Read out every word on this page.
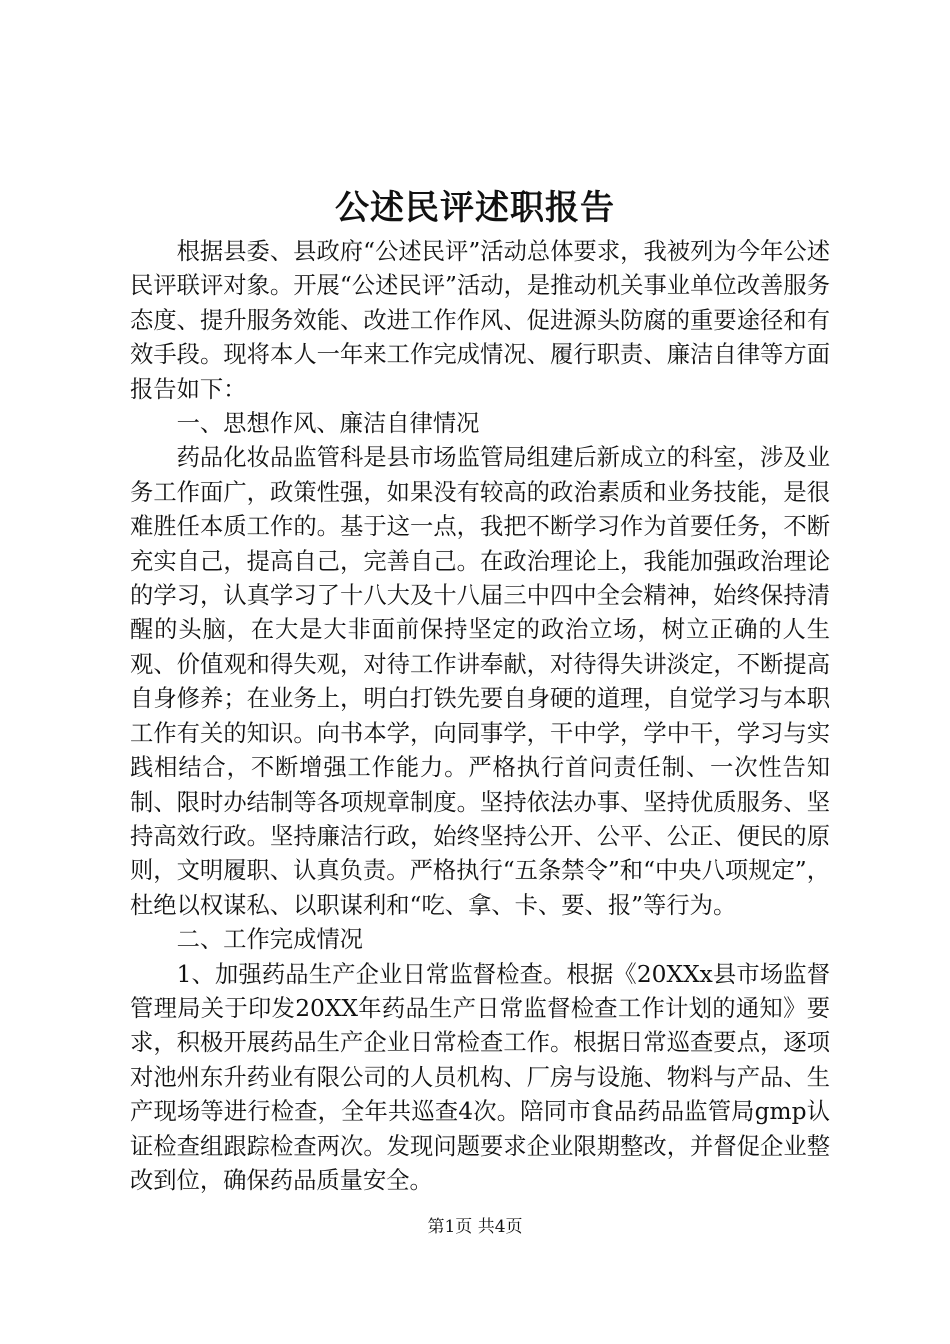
公述民评述职报告

根据县委、县政府“公述民评”活动总体要求，我被列为今年公述民评联评对象。开展“公述民评”活动，是推动机关事业单位改善服务态度、提升服务效能、改进工作作风、促进源头防腐的重要途径和有效手段。现将本人一年来工作完成情况、履行职责、廉洁自律等方面报告如下：

一、思想作风、廉洁自律情况

药品化妆品监管科是县市场监管局组建后新成立的科室，涉及业务工作面广，政策性强，如果没有较高的政治素质和业务技能，是很难胜任本质工作的。基于这一点，我把不断学习作为首要任务，不断充实自己，提高自己，完善自己。在政治理论上，我能加强政治理论的学习，认真学习了十八大及十八届三中四中全会精神，始终保持清醒的头脑，在大是大非面前保持坚定的政治立场，树立正确的人生观、价值观和得失观，对待工作讲奉献，对待得失讲淡定，不断提高自身修养；在业务上，明白打铁先要自身硬的道理，自觉学习与本职工作有关的知识。向书本学，向同事学，干中学，学中干，学习与实践相结合，不断增强工作能力。严格执行首问责任制、一次性告知制、限时办结制等各项规章制度。坚持依法办事、坚持优质服务、坚持高效行政。坚持廉洁行政，始终坚持公开、公平、公正、便民的原则，文明履职、认真负责。严格执行“五条禁令”和“中央八项规定”，杜绝以权谋私、以职谋利和“吃、拿、卡、要、报”等行为。

二、工作完成情况

1、加强药品生产企业日常监督检查。根据《20XXx县市场监督管理局关于印发20XX年药品生产日常监督检查工作计划的通知》要求，积极开展药品生产企业日常检查工作。根据日常巡查要点，逐项对池州东升药业有限公司的人员机构、厂房与设施、物料与产品、生产现场等进行检查，全年共巡查4次。陪同市食品药品监管局gmp认证检查组跟踪检查两次。发现问题要求企业限期整改，并督促企业整改到位，确保药品质量安全。

第1页 共4页
